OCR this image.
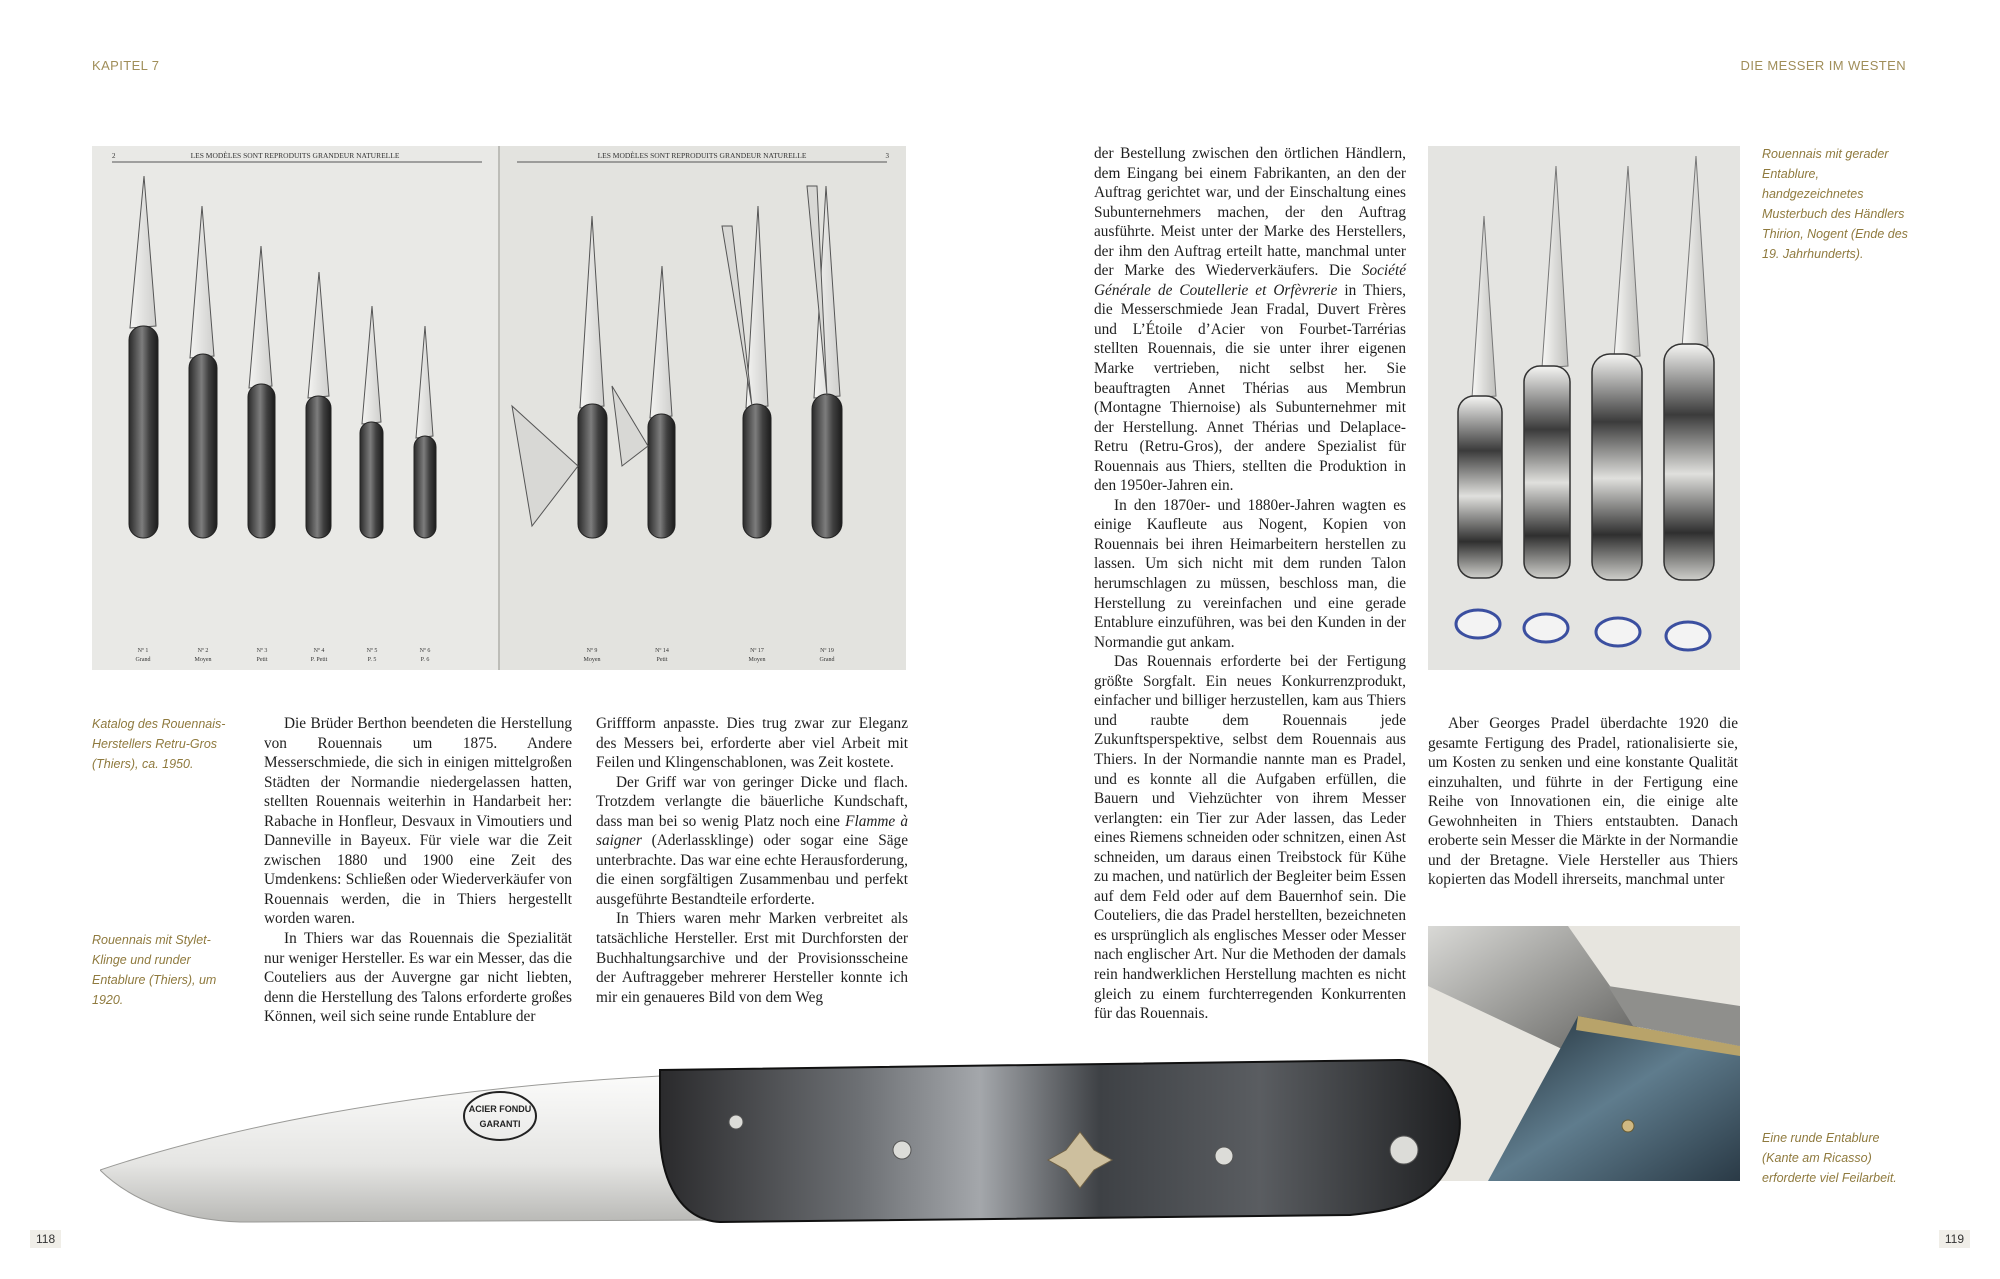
KAPITEL 7	DIE MESSER IM WESTEN
2	LES MODÈLES SONT REPRODUITS GRANDEUR NATURELLE	LES MODÈLES SONT REPRODUITS GRANDEUR NATURELLE	3
Nº 1
Grand
Nº 2
Moyen
Nº 3
Petit
Nº 4
P. Petit
Nº 5
P. 5
Nº 6
P. 6
Nº 9
Moyen
Nº 14
Petit
Nº 17
Moyen
Nº 19
Grand
Katalog des Rouennais-Herstellers Retru-Gros (Thiers), ca. 1950.
Rouennais mit Stylet-Klinge und runder Entablure (Thiers), um 1920.
Rouennais mit gerader Entablure, handgezeichnetes Musterbuch des Händlers Thirion, Nogent (Ende des 19. Jahrhunderts).
Eine runde Entablure (Kante am Ricasso) erforderte viel Feilarbeit.

Die Brüder Berthon beendeten die Herstellung von Rouennais um 1875. Andere Messerschmiede, die sich in einigen mittelgroßen Städten der Normandie niedergelassen hatten, stellten Rouennais weiterhin in Handarbeit her: Rabache in Honfleur, Desvaux in Vimoutiers und Danneville in Bayeux. Für viele war die Zeit zwischen 1880 und 1900 eine Zeit des Umdenkens: Schließen oder Wiederverkäufer von Rouennais werden, die in Thiers hergestellt worden waren.

In Thiers war das Rouennais die Spezialität nur weniger Hersteller. Es war ein Messer, das die Couteliers aus der Auvergne gar nicht liebten, denn die Herstellung des Talons erforderte großes Können, weil sich seine runde Entablure der

Griffform anpasste. Dies trug zwar zur Eleganz des Messers bei, erforderte aber viel Arbeit mit Feilen und Klingenschablonen, was Zeit kostete.

Der Griff war von geringer Dicke und flach. Trotzdem verlangte die bäuerliche Kundschaft, dass man bei so wenig Platz noch eine Flamme à saigner (Aderlassklinge) oder sogar eine Säge unterbrachte. Das war eine echte Herausforderung, die einen sorgfältigen Zusammenbau und perfekt ausgeführte Bestandteile erforderte.

In Thiers waren mehr Marken verbreitet als tatsächliche Hersteller. Erst mit Durchforsten der Buchhaltungsarchive und der Provisionsscheine der Auftraggeber mehrerer Hersteller konnte ich mir ein genaueres Bild von dem Weg

der Bestellung zwischen den örtlichen Händlern, dem Eingang bei einem Fabrikanten, an den der Auftrag gerichtet war, und der Einschaltung eines Subunternehmers machen, der den Auftrag ausführte. Meist unter der Marke des Herstellers, der ihm den Auftrag erteilt hatte, manchmal unter der Marke des Wiederverkäufers. Die Société Générale de Coutellerie et Orfèvrerie in Thiers, die Messerschmiede Jean Fradal, Duvert Frères und L’Étoile d’Acier von Fourbet-Tarrérias stellten Rouennais, die sie unter ihrer eigenen Marke vertrieben, nicht selbst her. Sie beauftragten Annet Thérias aus Membrun (Montagne Thiernoise) als Subunternehmer mit der Herstellung. Annet Thérias und Delaplace-Retru (Retru-Gros), der andere Spezialist für Rouennais aus Thiers, stellten die Produktion in den 1950er-Jahren ein.

In den 1870er- und 1880er-Jahren wagten es einige Kaufleute aus Nogent, Kopien von Rouennais bei ihren Heimarbeitern herstellen zu lassen. Um sich nicht mit dem runden Talon herumschlagen zu müssen, beschloss man, die Herstellung zu vereinfachen und eine gerade Entablure einzuführen, was bei den Kunden in der Normandie gut ankam.

Das Rouennais erforderte bei der Fertigung größte Sorgfalt. Ein neues Konkurrenzprodukt, einfacher und billiger herzustellen, kam aus Thiers und raubte dem Rouennais jede Zukunftsperspektive, selbst dem Rouennais aus Thiers. In der Normandie nannte man es Pradel, und es konnte all die Aufgaben erfüllen, die Bauern und Viehzüchter von ihrem Messer verlangten: ein Tier zur Ader lassen, das Leder eines Riemens schneiden oder schnitzen, einen Ast schneiden, um daraus einen Treibstock für Kühe zu machen, und natürlich der Begleiter beim Essen auf dem Feld oder auf dem Bauernhof sein. Die Couteliers, die das Pradel herstellten, bezeichneten es ursprünglich als englisches Messer oder Messer nach englischer Art. Nur die Methoden der damals rein handwerklichen Herstellung machten es nicht gleich zu einem furchterregenden Konkurrenten für das Rouennais.

Aber Georges Pradel überdachte 1920 die gesamte Fertigung des Pradel, rationalisierte sie, um Kosten zu senken und eine konstante Qualität einzuhalten, und führte in der Fertigung eine Reihe von Innovationen ein, die einige alte Gewohnheiten in Thiers entstaubten. Danach eroberte sein Messer die Märkte in der Normandie und der Bretagne. Viele Hersteller aus Thiers kopierten das Modell ihrerseits, manchmal unter

ACIER FONDU
GARANTI
118	119
